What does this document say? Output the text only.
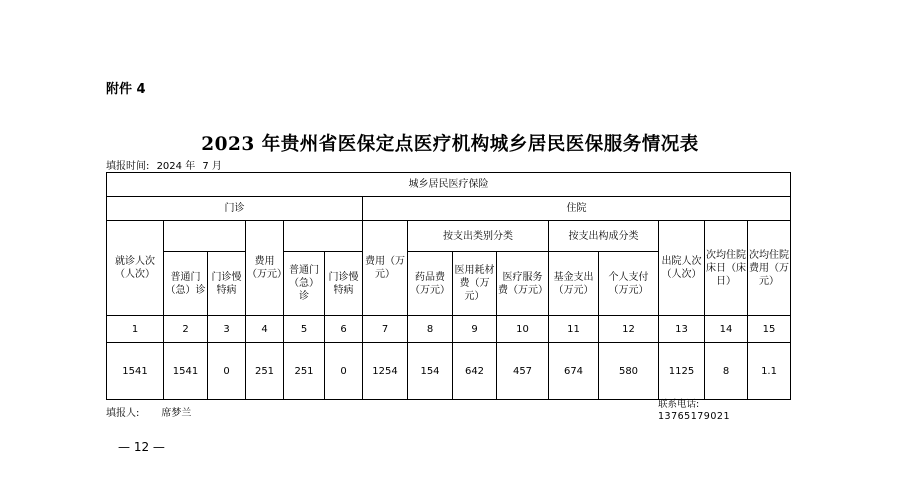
附件 4
2023 年贵州省医保定点医疗机构城乡居民医保服务情况表
填报时间: 2024 年 7 月
城乡居民医疗保险														
门诊						住院								
就诊人次（人次）			费用（万元）			费用（万元）	按支出类别分类			按支出构成分类		出院人次（人次）	次均住院床日（床日）	次均住院费用（万元）
	普通门（急）诊	门诊慢特病		普通门（急）诊	门诊慢特病		药品费（万元）	医用耗材费（万元）	医疗服务费（万元）	基金支出（万元）	个人支付（万元）			
1	2	3	4	5	6	7	8	9	10	11	12	13	14	15
1541	1541	0	251	251	0	1254	154	642	457	674	580	1125	8	1.1
填报人: 席梦兰
联系电话:
13765179021
— 12 —
